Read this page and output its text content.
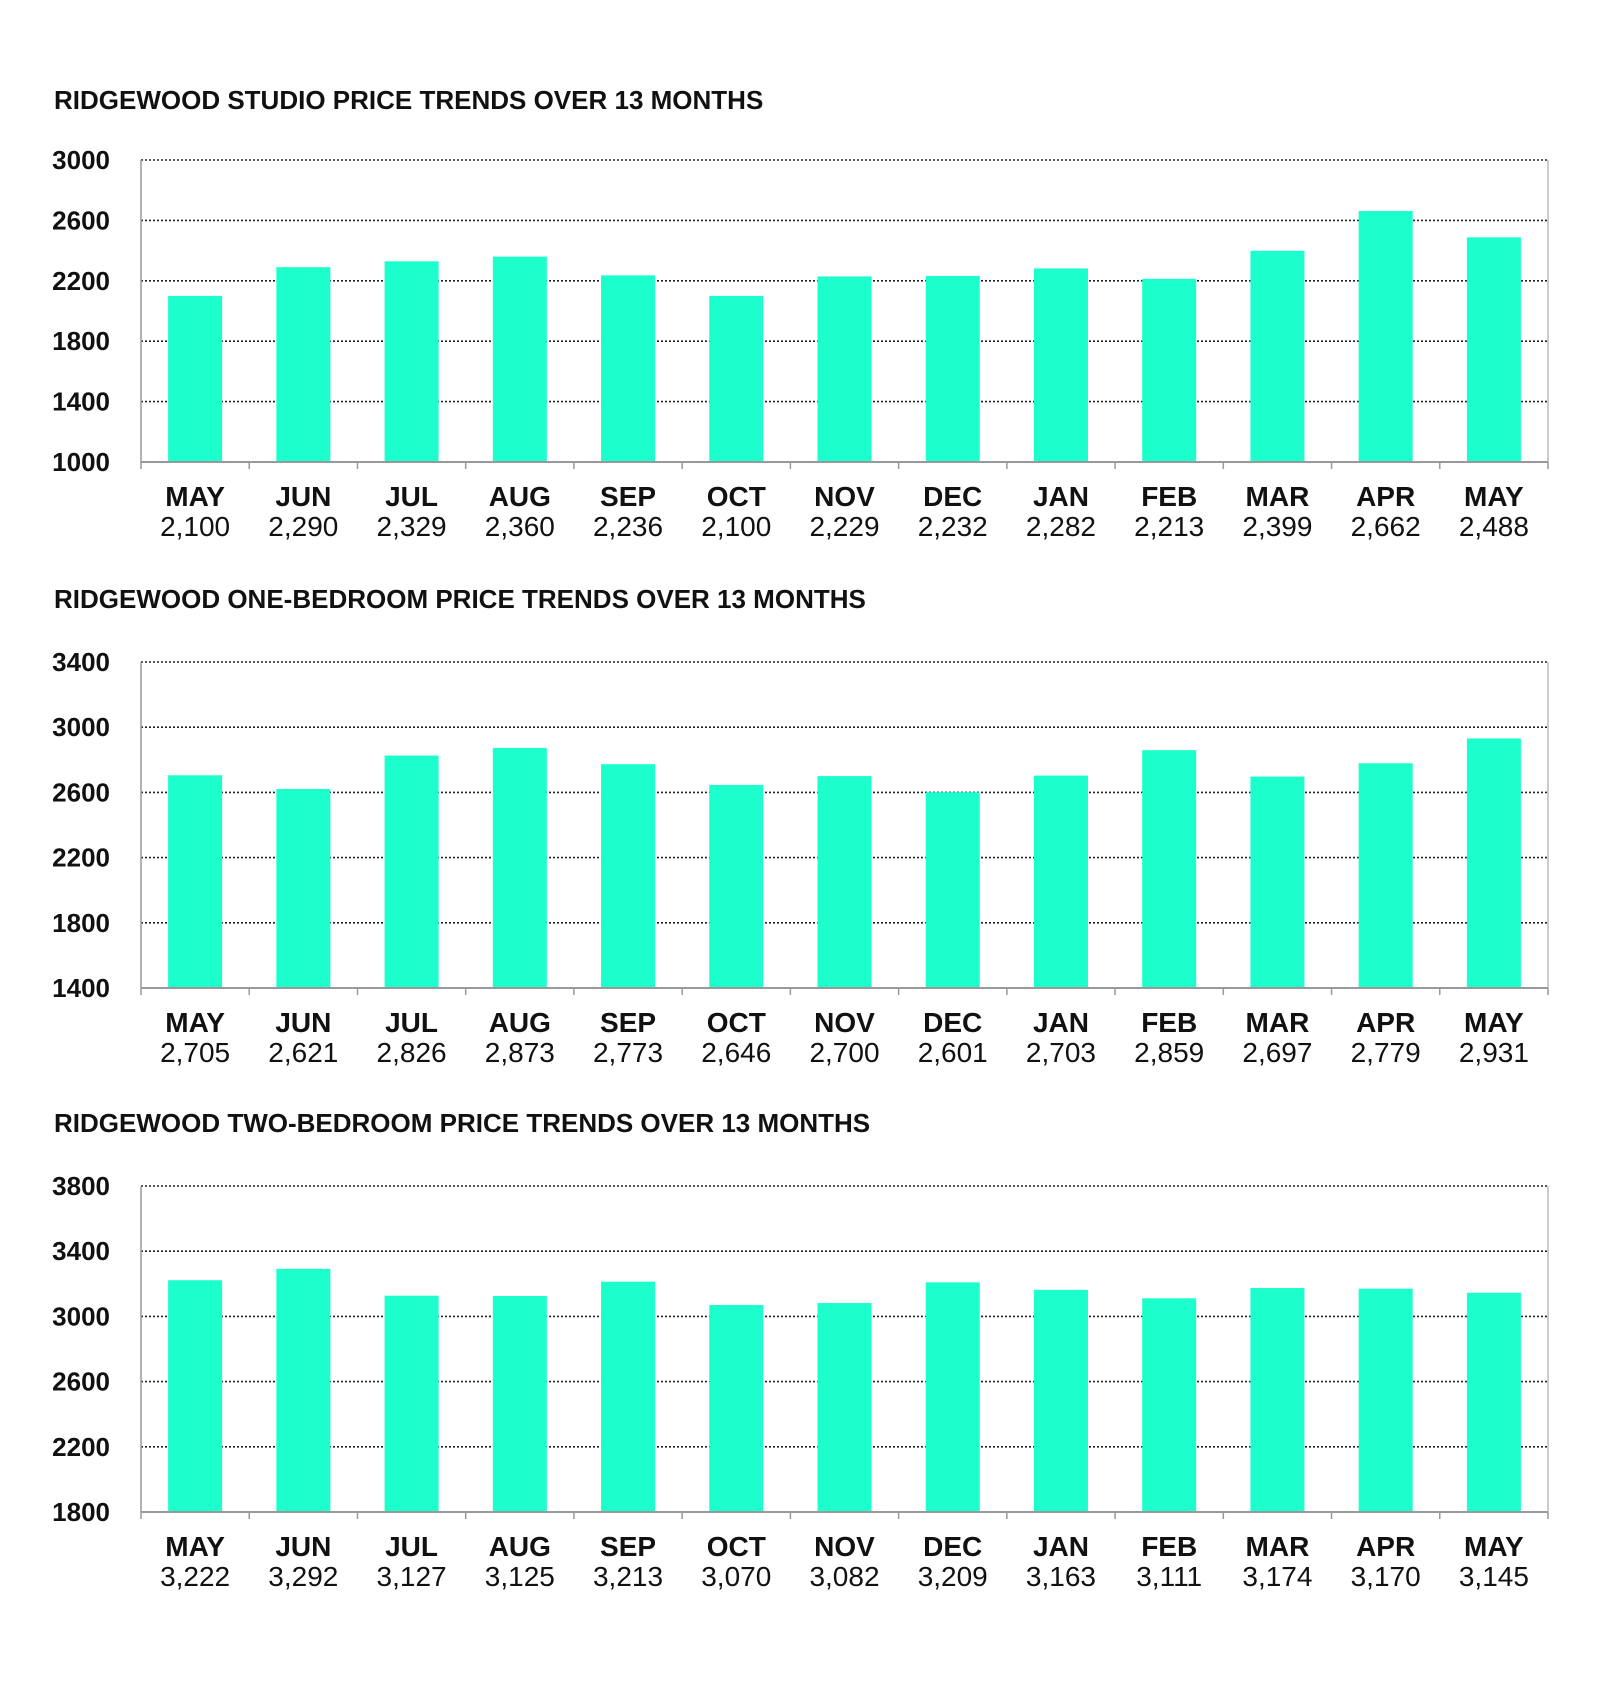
RIDGEWOOD STUDIO PRICE TRENDS OVER 13 MONTHS
1000
1400
1800
2200
2600
3000
MAY
2,100
JUN
2,290
JUL
2,329
AUG
2,360
SEP
2,236
OCT
2,100
NOV
2,229
DEC
2,232
JAN
2,282
FEB
2,213
MAR
2,399
APR
2,662
MAY
2,488
RIDGEWOOD ONE-BEDROOM PRICE TRENDS OVER 13 MONTHS
1400
1800
2200
2600
3000
3400
MAY
2,705
JUN
2,621
JUL
2,826
AUG
2,873
SEP
2,773
OCT
2,646
NOV
2,700
DEC
2,601
JAN
2,703
FEB
2,859
MAR
2,697
APR
2,779
MAY
2,931
RIDGEWOOD TWO-BEDROOM PRICE TRENDS OVER 13 MONTHS
1800
2200
2600
3000
3400
3800
MAY
3,222
JUN
3,292
JUL
3,127
AUG
3,125
SEP
3,213
OCT
3,070
NOV
3,082
DEC
3,209
JAN
3,163
FEB
3,111
MAR
3,174
APR
3,170
MAY
3,145
